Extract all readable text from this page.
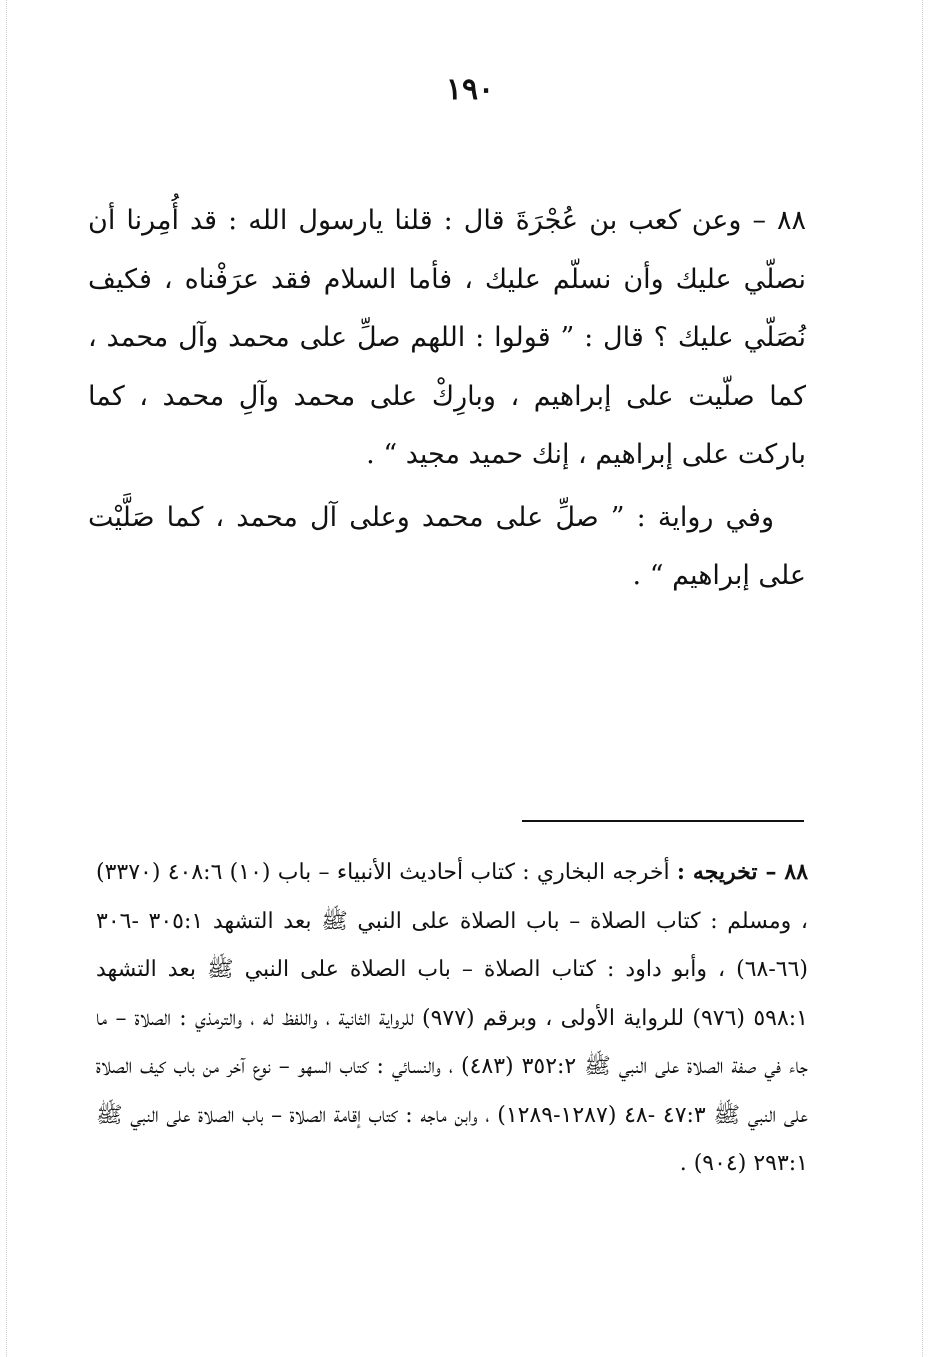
١٩٠

٨٨ – وعن كعب بن عُجْرَةَ قال : قلنا يارسول الله : قد أُمِرنا أن نصلّي عليك وأن نسلّم عليك ، فأما السلام فقد عرَفْناه ، فكيف نُصَلّي عليك ؟ قال : ” قولوا : اللهم صلِّ على محمد وآل محمد ، كما صلّيت على إبراهيم ، وبارِكْ على محمد وآلِ محمد ، كما باركت على إبراهيم ، إنك حميد مجيد “ .

وفي رواية : ” صلِّ على محمد وعلى آل محمد ، كما صَلَّيْت على إبراهيم “ .

٨٨ – تخريجه : أخرجه البخاري : كتاب أحاديث الأنبياء – باب (١٠) ٤٠٨:٦ (٣٣٧٠) ، ومسلم : كتاب الصلاة – باب الصلاة على النبي ﷺ بعد التشهد ٣٠٥:١ -٣٠٦ (٦٦-٦٨) ، وأبو داود : كتاب الصلاة – باب الصلاة على النبي ﷺ بعد التشهد ٥٩٨:١ (٩٧٦) للرواية الأولى ، وبرقم (٩٧٧) للرواية الثانية ، واللفظ له ، والترمذي : الصلاة – ما جاء في صفة الصلاة على النبي ﷺ ٣٥٢:٢ (٤٨٣) ، والنسائي : كتاب السهو – نوع آخر من باب كيف الصلاة على النبي ﷺ ٤٧:٣ -٤٨ (١٢٨٧-١٢٨٩) ، وابن ماجه : كتاب إقامة الصلاة – باب الصلاة على النبي ﷺ ٢٩٣:١ (٩٠٤) .
